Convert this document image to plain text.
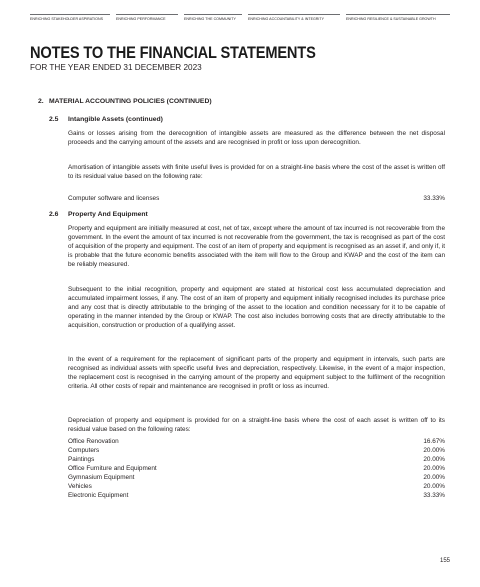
ENRICHING STAKEHOLDER ASPIRATIONS	ENRICHING PERFORMANCE	ENRICHING THE COMMUNITY	ENRICHING ACCOUNTABILITY & INTEGRITY	ENRICHING RESILIENCE & SUSTAINABLE GROWTH
NOTES TO THE FINANCIAL STATEMENTS
FOR THE YEAR ENDED 31 DECEMBER 2023
2. MATERIAL ACCOUNTING POLICIES (CONTINUED)
2.5 Intangible Assets (continued)
Gains or losses arising from the derecognition of intangible assets are measured as the difference between the net disposal proceeds and the carrying amount of the assets and are recognised in profit or loss upon derecognition.
Amortisation of intangible assets with finite useful lives is provided for on a straight-line basis where the cost of the asset is written off to its residual value based on the following rate:
Computer software and licenses	33.33%
2.6 Property And Equipment
Property and equipment are initially measured at cost, net of tax, except where the amount of tax incurred is not recoverable from the government. In the event the amount of tax incurred is not recoverable from the government, the tax is recognised as part of the cost of acquisition of the property and equipment. The cost of an item of property and equipment is recognised as an asset if, and only if, it is probable that the future economic benefits associated with the item will flow to the Group and KWAP and the cost of the item can be reliably measured.
Subsequent to the initial recognition, property and equipment are stated at historical cost less accumulated depreciation and accumulated impairment losses, if any. The cost of an item of property and equipment initially recognised includes its purchase price and any cost that is directly attributable to the bringing of the asset to the location and condition necessary for it to be capable of operating in the manner intended by the Group or KWAP. The cost also includes borrowing costs that are directly attributable to the acquisition, construction or production of a qualifying asset.
In the event of a requirement for the replacement of significant parts of the property and equipment in intervals, such parts are recognised as individual assets with specific useful lives and depreciation, respectively. Likewise, in the event of a major inspection, the replacement cost is recognised in the carrying amount of the property and equipment subject to the fulfilment of the recognition criteria. All other costs of repair and maintenance are recognised in profit or loss as incurred.
Depreciation of property and equipment is provided for on a straight-line basis where the cost of each asset is written off to its residual value based on the following rates:
Office Renovation	16.67%
Computers	20.00%
Paintings	20.00%
Office Furniture and Equipment	20.00%
Gymnasium Equipment	20.00%
Vehicles	20.00%
Electronic Equipment	33.33%
155
